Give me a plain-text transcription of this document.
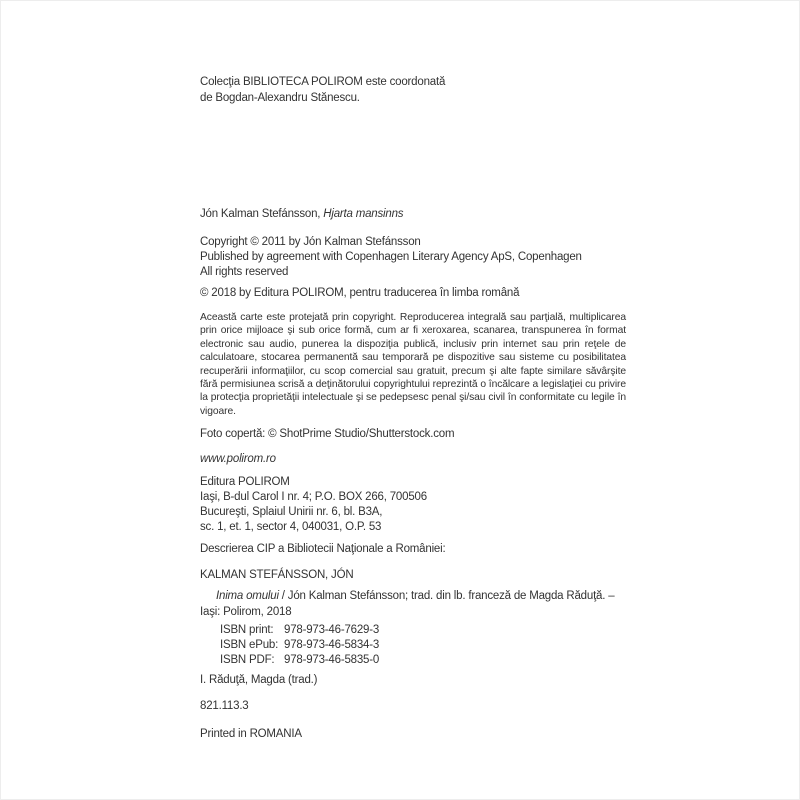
Colecţia BIBLIOTECA POLIROM este coordonată
de Bogdan-Alexandru Stănescu.
Jón Kalman Stefánsson, Hjarta mansinns
Copyright © 2011 by Jón Kalman Stefánsson
Published by agreement with Copenhagen Literary Agency ApS, Copenhagen
All rights reserved
© 2018 by Editura POLIROM, pentru traducerea în limba română
Această carte este protejată prin copyright. Reproducerea integrală sau parţială, multiplicarea prin orice mijloace şi sub orice formă, cum ar fi xeroxarea, scanarea, transpunerea în format electronic sau audio, punerea la dispoziţia publică, inclusiv prin internet sau prin reţele de calculatoare, stocarea permanentă sau temporară pe dispozitive sau sisteme cu posibilitatea recuperării informaţiilor, cu scop comercial sau gratuit, precum şi alte fapte similare săvârşite fără permisiunea scrisă a deţinătorului copyrightului reprezintă o încălcare a legislaţiei cu privire la protecţia proprietăţii intelectuale şi se pedepsesc penal şi/sau civil în conformitate cu legile în vigoare.
Foto copertă: © ShotPrime Studio/Shutterstock.com
www.polirom.ro
Editura POLIROM
Iaşi, B-dul Carol I nr. 4; P.O. BOX 266, 700506
Bucureşti, Splaiul Unirii nr. 6, bl. B3A,
sc. 1, et. 1, sector 4, 040031, O.P. 53
Descrierea CIP a Bibliotecii Naţionale a României:
KALMAN STEFÁNSSON, JÓN
Inima omului / Jón Kalman Stefánsson; trad. din lb. franceză de Magda Răduţă. –
Iaşi: Polirom, 2018
ISBN print: 978-973-46-7629-3
ISBN ePub: 978-973-46-5834-3
ISBN PDF: 978-973-46-5835-0
I. Răduţă, Magda (trad.)
821.113.3
Printed in ROMANIA
